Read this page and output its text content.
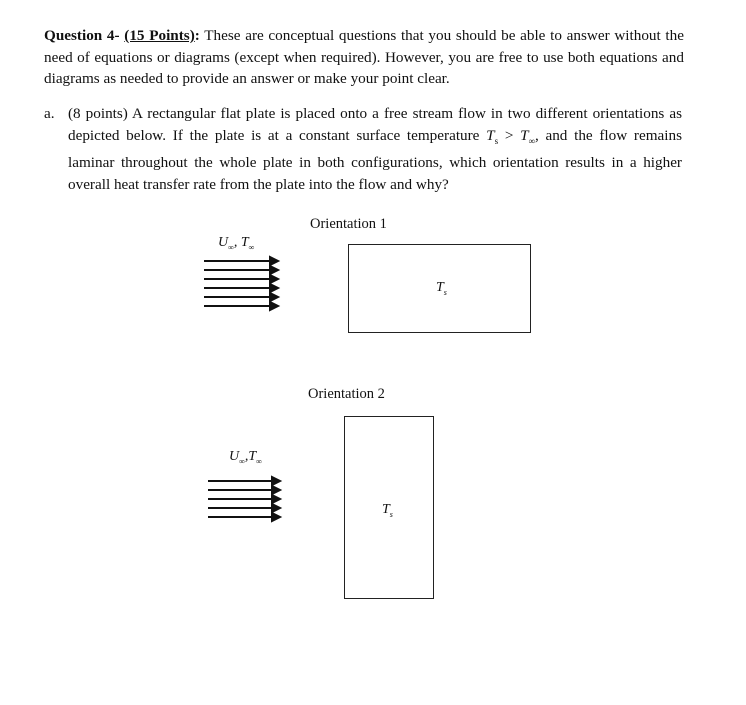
Question 4- (15 Points): These are conceptual questions that you should be able to answer without the need of equations or diagrams (except when required). However, you are free to use both equations and diagrams as needed to provide an answer or make your point clear.
a. (8 points) A rectangular flat plate is placed onto a free stream flow in two different orientations as depicted below. If the plate is at a constant surface temperature $T_s > T_\infty$, and the flow remains laminar throughout the whole plate in both configurations, which orientation results in a higher overall heat transfer rate from the plate into the flow and why?
Orientation 1
$U_\infty$, $T_\infty$
$T_s$
Orientation 2
$U_\infty,T_\infty$
$T_s$
